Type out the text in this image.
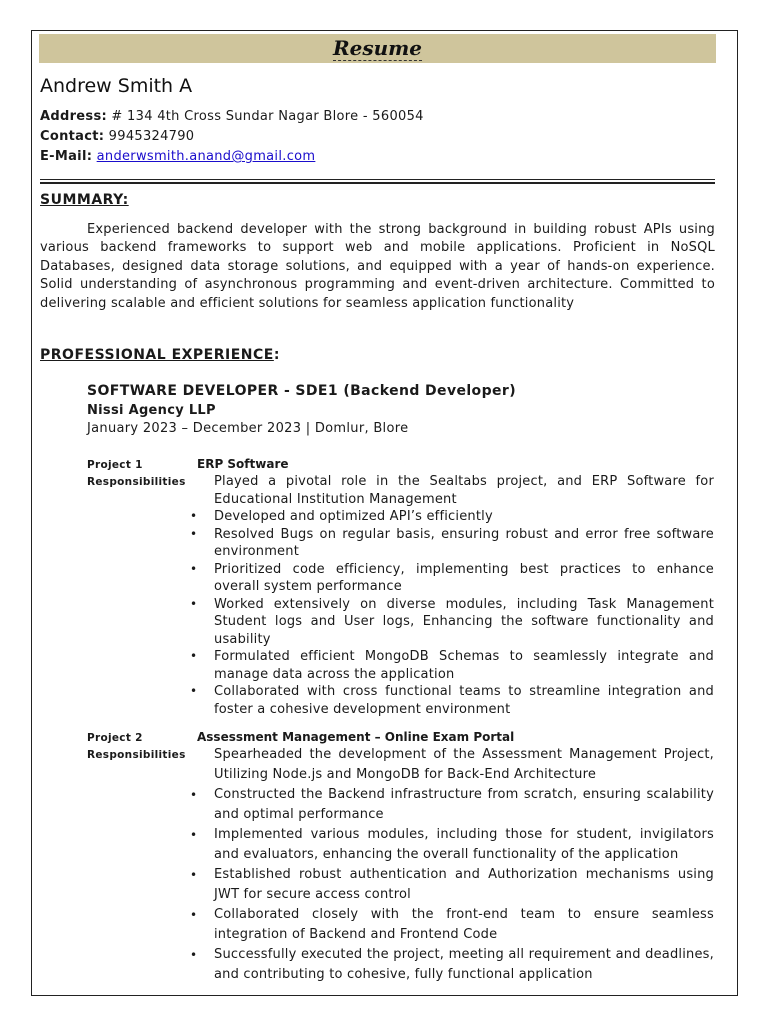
Resume
Andrew Smith A
Address: # 134 4th Cross Sundar Nagar Blore - 560054
Contact: 9945324790
E-Mail: anderwsmith.anand@gmail.com
SUMMARY:
Experienced backend developer with the strong background in building robust APIs using various backend frameworks to support web and mobile applications. Proficient in NoSQL Databases, designed data storage solutions, and equipped with a year of hands-on experience. Solid understanding of asynchronous programming and event-driven architecture. Committed to delivering scalable and efficient solutions for seamless application functionality
PROFESSIONAL EXPERIENCE:
SOFTWARE DEVELOPER - SDE1 (Backend Developer)
Nissi Agency LLP
January 2023 – December 2023 | Domlur, Blore
Project 1	ERP Software
Responsibilities Played a pivotal role in the Sealtabs project, and ERP Software for Educational Institution Management
• Developed and optimized API’s efficiently
• Resolved Bugs on regular basis, ensuring robust and error free software environment
• Prioritized code efficiency, implementing best practices to enhance overall system performance
• Worked extensively on diverse modules, including Task Management Student logs and User logs, Enhancing the software functionality and usability
• Formulated efficient MongoDB Schemas to seamlessly integrate and manage data across the application
• Collaborated with cross functional teams to streamline integration and foster a cohesive development environment
Project 2	Assessment Management – Online Exam Portal
Responsibilities Spearheaded the development of the Assessment Management Project, Utilizing Node.js and MongoDB for Back-End Architecture
• Constructed the Backend infrastructure from scratch, ensuring scalability and optimal performance
• Implemented various modules, including those for student, invigilators and evaluators, enhancing the overall functionality of the application
• Established robust authentication and Authorization mechanisms using JWT for secure access control
• Collaborated closely with the front-end team to ensure seamless integration of Backend and Frontend Code
• Successfully executed the project, meeting all requirement and deadlines, and contributing to cohesive, fully functional application
